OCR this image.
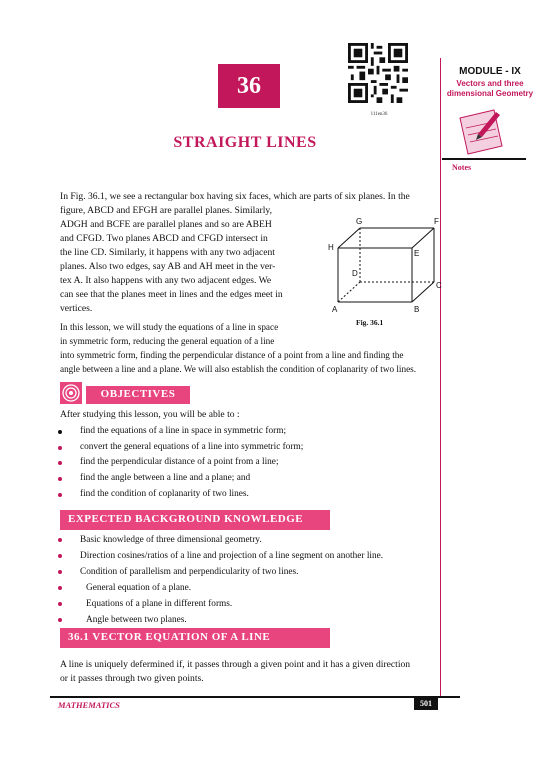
36
111en36
MODULE - IX
Vectors and three
dimensional Geometry
Notes
STRAIGHT LINES
In Fig. 36.1, we see a rectangular box having six faces, which are parts of six planes. In the
figure, ABCD and EFGH are parallel planes. Similarly,
ADGH and BCFE are parallel planes and so are ABEH
and CFGD. Two planes ABCD and CFGD intersect in
the line CD. Similarly, it happens with any two adjacent
planes. Also two edges, say AB and AH meet in the ver-
tex A. It also happens with any two adjacent edges. We
can see that the planes meet in lines and the edges meet in
vertices.
In this lesson, we will study the equations of a line in space
in symmetric form, reducing the general equation of a line
into symmetric form, finding the perpendicular distance of a point from a line and finding the
angle between a line and a plane. We will also establish the condition of coplanarity of two lines.
A	B
C
D
E
F
G
H
Fig. 36.1
OBJECTIVES
After studying this lesson, you will be able to :
find the equations of a line in space in symmetric form;
convert the general equations of a line into symmetric form;
find the perpendicular distance of a point from a line;
find the angle between a line and a plane; and
find the condition of coplanarity of two lines.
EXPECTED BACKGROUND KNOWLEDGE
Basic knowledge of three dimensional geometry.
Direction cosines/ratios of a line and projection of a line segment on another line.
Condition of parallelism and perpendicularity of two lines.
General equation of a plane.
Equations of a plane in different forms.
Angle between two planes.
36.1 VECTOR EQUATION OF A LINE
A line is uniquely defermined if, it passes through a given point and it has a given direction
or it passes through two given points.
MATHEMATICS	501
